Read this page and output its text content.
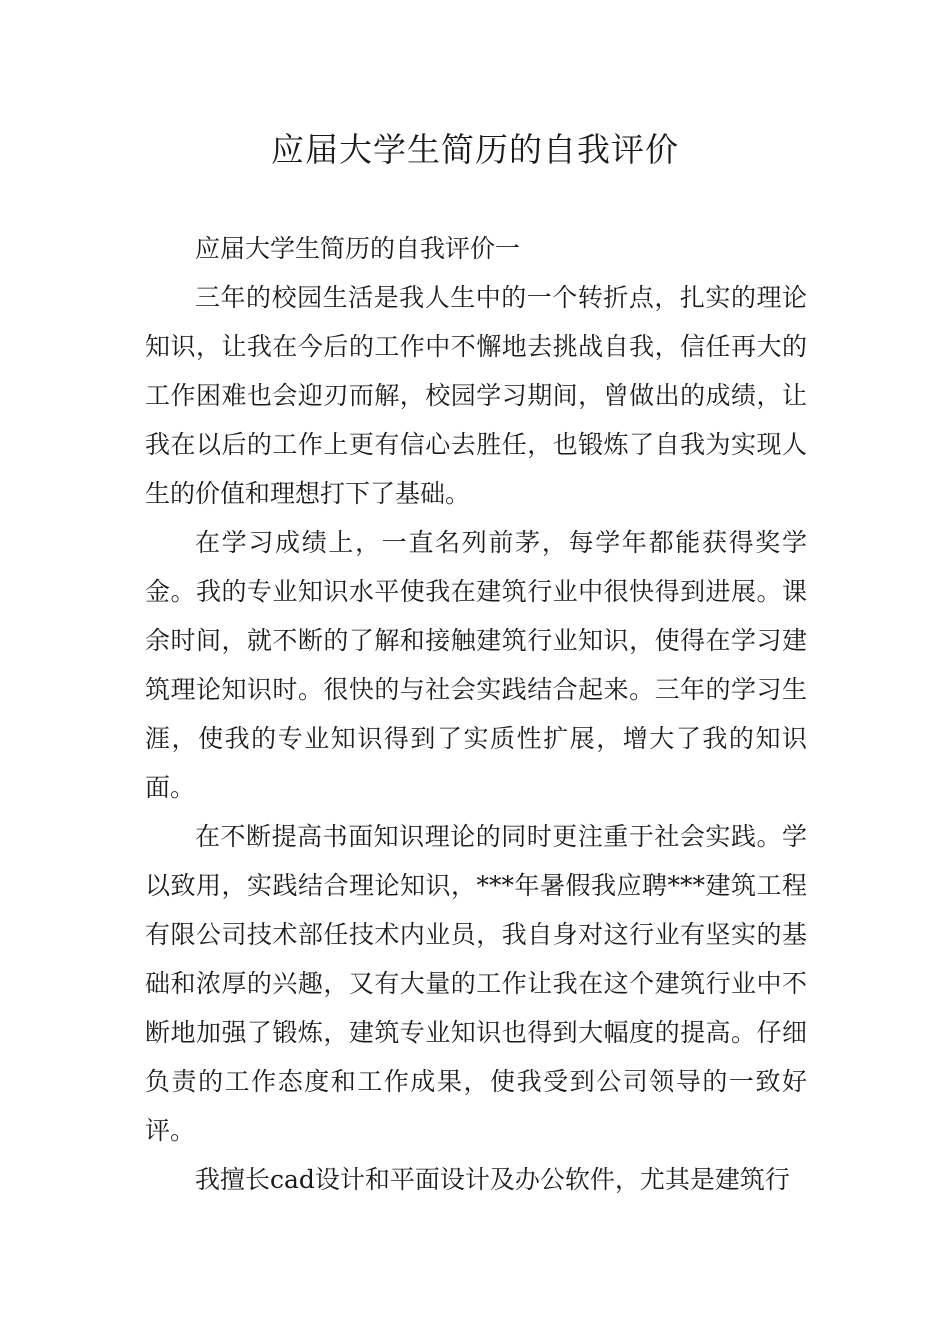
应届大学生简历的自我评价

应届大学生简历的自我评价一

三年的校园生活是我人生中的一个转折点，扎实的理论知识，让我在今后的工作中不懈地去挑战自我，信任再大的工作困难也会迎刃而解，校园学习期间，曾做出的成绩，让我在以后的工作上更有信心去胜任，也锻炼了自我为实现人生的价值和理想打下了基础。

在学习成绩上，一直名列前茅，每学年都能获得奖学金。我的专业知识水平使我在建筑行业中很快得到进展。课余时间，就不断的了解和接触建筑行业知识，使得在学习建筑理论知识时。很快的与社会实践结合起来。三年的学习生涯，使我的专业知识得到了实质性扩展，增大了我的知识面。

在不断提高书面知识理论的同时更注重于社会实践。学以致用，实践结合理论知识，***年暑假我应聘***建筑工程有限公司技术部任技术内业员，我自身对这行业有坚实的基础和浓厚的兴趣，又有大量的工作让我在这个建筑行业中不断地加强了锻炼，建筑专业知识也得到大幅度的提高。仔细负责的工作态度和工作成果，使我受到公司领导的一致好评。

我擅长cad设计和平面设计及办公软件，尤其是建筑行
